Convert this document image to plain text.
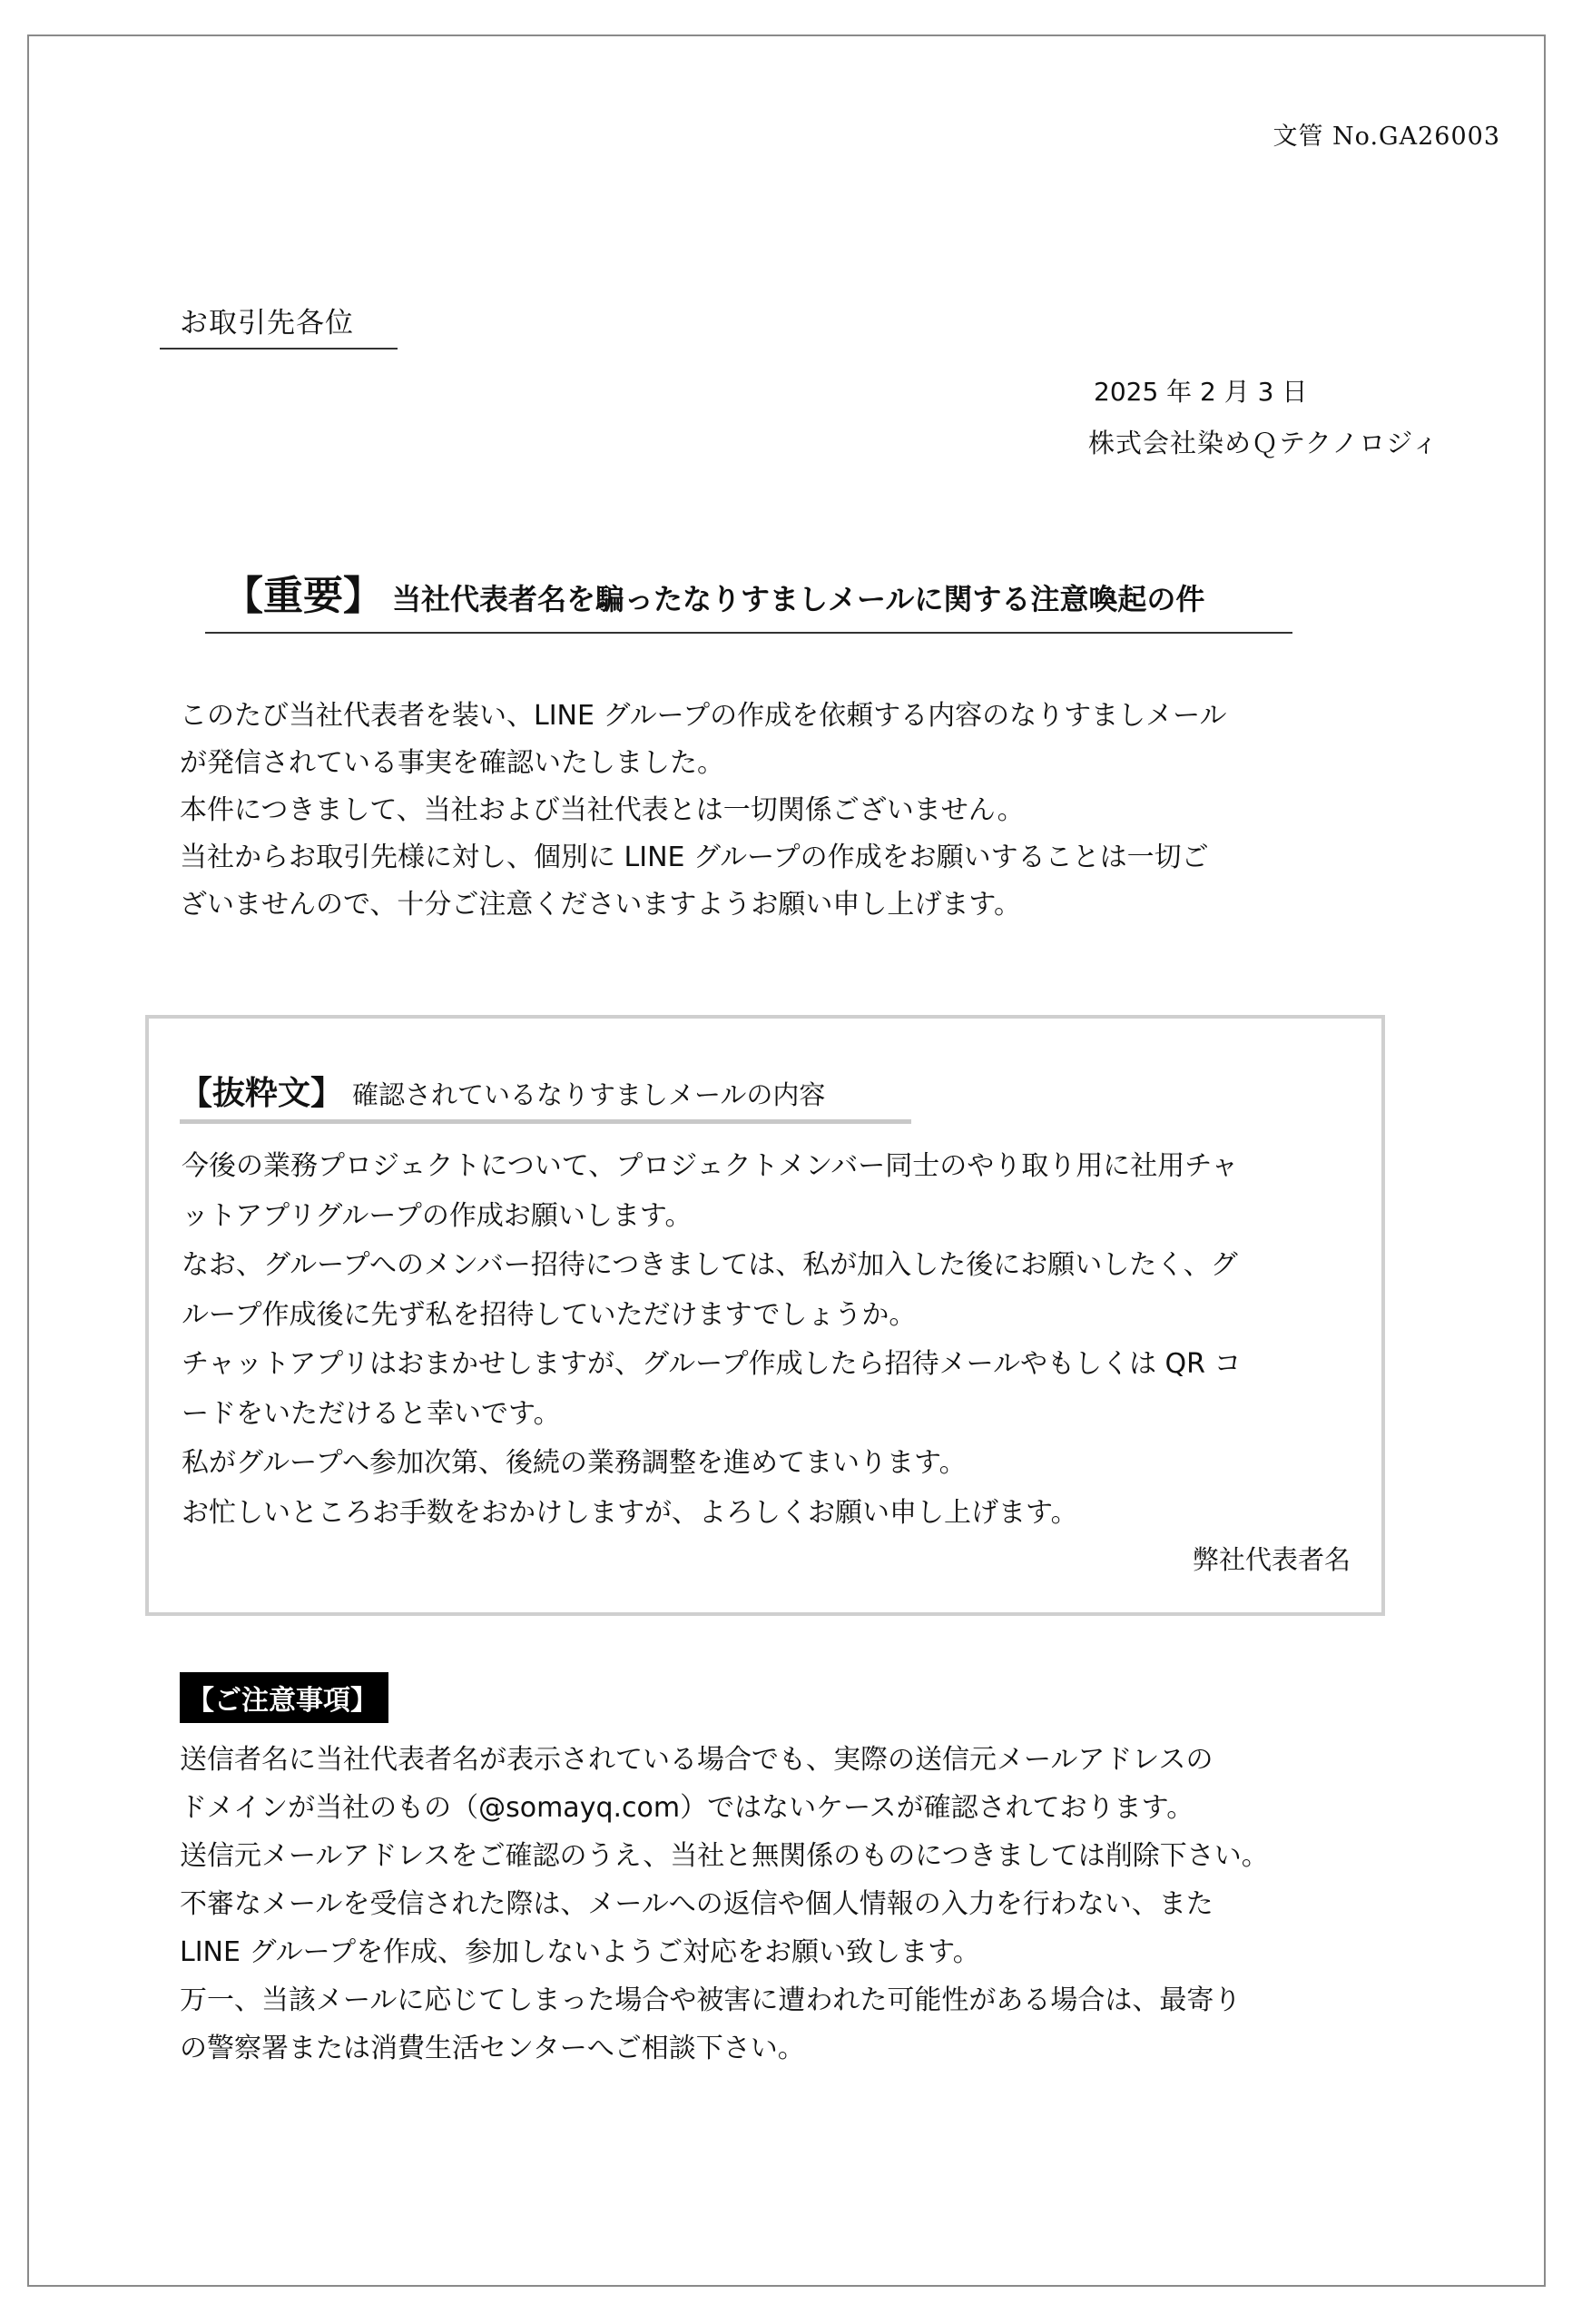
文管 No.GA26003
お取引先各位
2025 年 2 月 3 日
株式会社染めＱテクノロジィ
【重要】 当社代表者名を騙ったなりすましメールに関する注意喚起の件

このたび当社代表者を装い、LINE グループの作成を依頼する内容のなりすましメール

が発信されている事実を確認いたしました。

本件につきまして、当社および当社代表とは一切関係ございません。

当社からお取引先様に対し、個別に LINE グループの作成をお願いすることは一切ご

ざいませんので、十分ご注意くださいますようお願い申し上げます。

【抜粋文】 確認されているなりすましメールの内容

今後の業務プロジェクトについて、プロジェクトメンバー同士のやり取り用に社用チャ

ットアプリグループの作成お願いします。

なお、グループへのメンバー招待につきましては、私が加入した後にお願いしたく、グ

ループ作成後に先ず私を招待していただけますでしょうか。

チャットアプリはおまかせしますが、グループ作成したら招待メールやもしくは QR コ

ードをいただけると幸いです。

私がグループへ参加次第、後続の業務調整を進めてまいります。

お忙しいところお手数をおかけしますが、よろしくお願い申し上げます。

弊社代表者名
【ご注意事項】

送信者名に当社代表者名が表示されている場合でも、実際の送信元メールアドレスの

ドメインが当社のもの（@somayq.com）ではないケースが確認されております。

送信元メールアドレスをご確認のうえ、当社と無関係のものにつきましては削除下さい。

不審なメールを受信された際は、メールへの返信や個人情報の入力を行わない、また

LINE グループを作成、参加しないようご対応をお願い致します。

万一、当該メールに応じてしまった場合や被害に遭われた可能性がある場合は、最寄り

の警察署または消費生活センターへご相談下さい。
